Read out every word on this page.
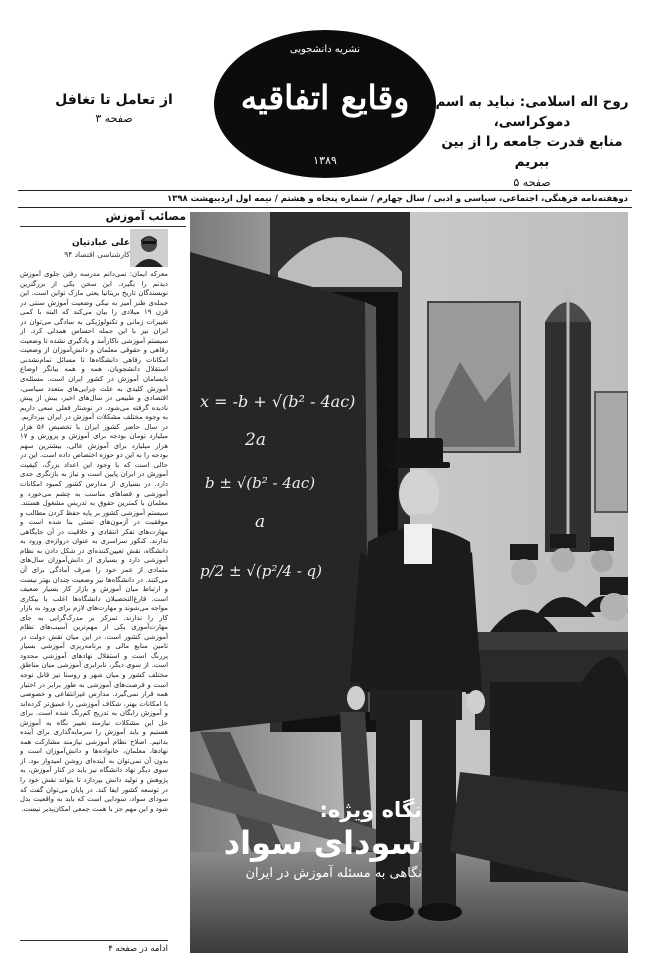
نشریه دانشجویی
وقایع اتفاقیه
۱۳۸۹
از تعامل تا تغافل
صفحه ۳
روح اله اسلامی: نباید به اسم دموکراسی،
منابع قدرت جامعه را از بین ببریم
صفحه ۵
دوهفته‌نامه فرهنگی، اجتماعی، سیاسی و ادبی / سال چهارم / شماره پنجاه و هشتم / نیمه اول اردیبهشت ۱۳۹۸
مصائب آموزش
علی عبادتیان
کارشناسی اقتصاد ۹۴
معرکه ایمان: نمی‌دانم مدرسه رفتن جلوی آموزش دیدنم را بگیرد. این سخن یکی از بزرگترین نویسندگان تاریخ بریتانیا یعنی مارک تواین است. این جمله‌ی طنز آمیز به نیکی وضعیت آموزش سنتی در قرن ۱۹ میلادی را بیان می‌کند که البته با کمی تغییرات زمانی و تکنولوژیکی به سادگی می‌توان در ایران نیز با این جمله احساس همدلی کرد. از سیستم آموزشی ناکارآمد و یادگیری نشده تا وضعیت رفاهی و حقوقی معلمان و دانش‌آموزان از وضعیت امکانات رفاهی دانشگاه‌ها تا مسائل تمام‌نشدنی استقلال دانشجویان. همه و همه بیانگر اوضاع نابسامان آموزش در کشور ایران است. مسئله‌ی آموزش کلیدی به علت چرایی‌های متعدد سیاسی، اقتصادی و طبیعی در سال‌های اخیر، بیش از پیش نادیده گرفته می‌شود. در نوشتار فعلی سعی داریم به وجوه مختلف مشکلات آموزش در ایران بپردازیم. در سال حاضر کشور ایران با تخصیص ۵۶ هزار میلیارد تومان بودجه برای آموزش و پرورش و ۱۷ هزار میلیارد برای آموزش عالی، بیشترین سهم بودجه را به این دو حوزه اختصاص داده است. این در حالی است که با وجود این اعداد بزرگ، کیفیت آموزش در ایران پایین است و نیاز به بازنگری جدی دارد. در بسیاری از مدارس کشور کمبود امکانات آموزشی و فضاهای مناسب به چشم می‌خورد و معلمان با کمترین حقوق به تدریس مشغول هستند. سیستم آموزشی کشور بر پایه حفظ کردن مطالب و موفقیت در آزمون‌های تستی بنا شده است و مهارت‌های تفکر انتقادی و خلاقیت در آن جایگاهی ندارند. کنکور سراسری به عنوان دروازه‌ی ورود به دانشگاه، نقش تعیین‌کننده‌ای در شکل دادن به نظام آموزشی دارد و بسیاری از دانش‌آموزان سال‌های متمادی از عمر خود را صرف آمادگی برای آن می‌کنند. در دانشگاه‌ها نیز وضعیت چندان بهتر نیست و ارتباط میان آموزش و بازار کار بسیار ضعیف است. فارغ‌التحصیلان دانشگاه‌ها اغلب با بیکاری مواجه می‌شوند و مهارت‌های لازم برای ورود به بازار کار را ندارند. تمرکز بر مدرک‌گرایی به جای مهارت‌آموزی یکی از مهم‌ترین آسیب‌های نظام آموزشی کشور است. در این میان نقش دولت در تامین منابع مالی و برنامه‌ریزی آموزشی بسیار پررنگ است و استقلال نهادهای آموزشی محدود است. از سوی دیگر، نابرابری آموزشی میان مناطق مختلف کشور و میان شهر و روستا نیز قابل توجه است و فرصت‌های آموزشی به طور برابر در اختیار همه قرار نمی‌گیرد. مدارس غیرانتفاعی و خصوصی با امکانات بهتر، شکاف آموزشی را عمیق‌تر کرده‌اند و آموزش رایگان به تدریج کم‌رنگ شده است. برای حل این مشکلات نیازمند تغییر نگاه به آموزش هستیم و باید آموزش را سرمایه‌گذاری برای آینده بدانیم. اصلاح نظام آموزشی نیازمند مشارکت همه نهادها، معلمان، خانواده‌ها و دانش‌آموزان است و بدون آن نمی‌توان به آینده‌ای روشن امیدوار بود. از سوی دیگر نهاد دانشگاه نیز باید در کنار آموزش، به پژوهش و تولید دانش بپردازد تا بتواند نقش خود را در توسعه کشور ایفا کند. در پایان می‌توان گفت که سودای سواد، سودایی است که باید به واقعیت بدل شود و این مهم جز با همت جمعی امکان‌پذیر نیست.
ادامه در صفحه ۴
x = -b + √(b² - 4ac)
2a
b ± √(b² - 4ac)
a
p/2 ± √(p²/4 - q)
نگاه ویژه:
سودای سواد
نگاهی به مسئله آموزش در ایران
